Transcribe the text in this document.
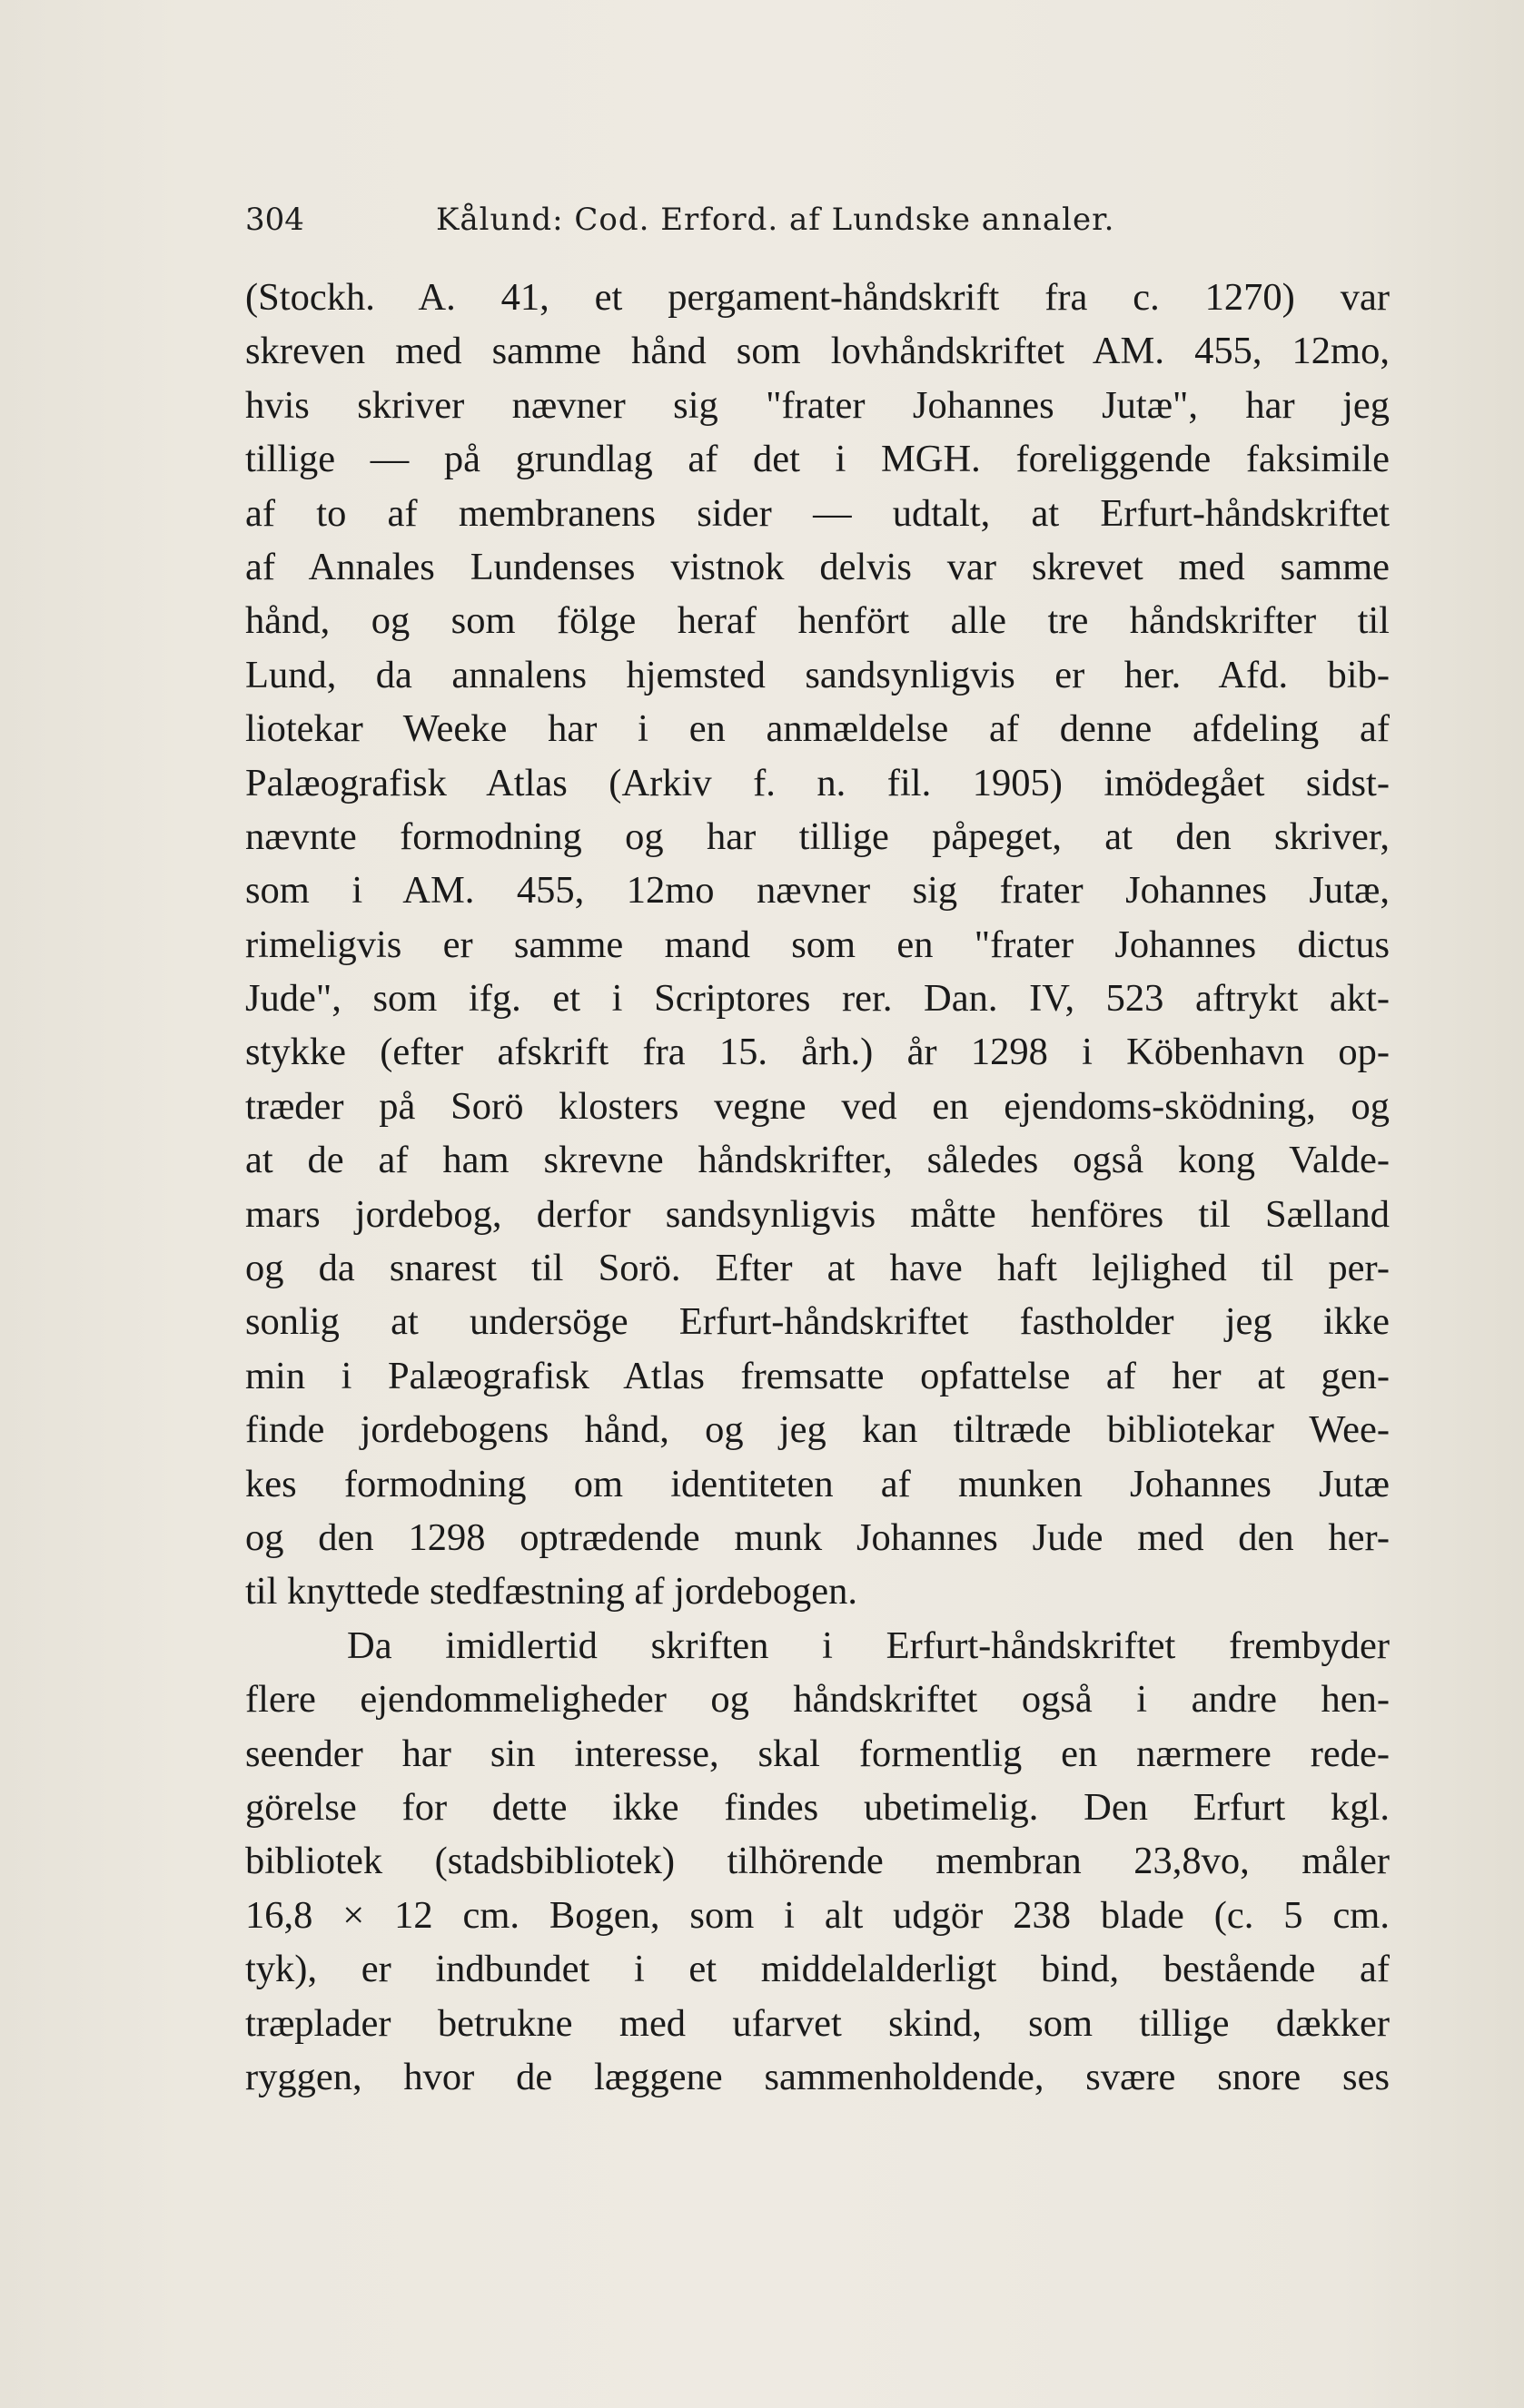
304	Kålund: Cod. Erford. af Lundske annaler.
(Stockh. A. 41, et pergament-håndskrift fra c. 1270) var
skreven med samme hånd som lovhåndskriftet AM. 455, 12mo,
hvis skriver nævner sig "frater Johannes Jutæ", har jeg
tillige — på grundlag af det i MGH. foreliggende faksimile
af to af membranens sider — udtalt, at Erfurt-håndskriftet
af Annales Lundenses vistnok delvis var skrevet med samme
hånd, og som fölge heraf henfört alle tre håndskrifter til
Lund, da annalens hjemsted sandsynligvis er her. Afd. bib-
liotekar Weeke har i en anmældelse af denne afdeling af
Palæografisk Atlas (Arkiv f. n. fil. 1905) imödegået sidst-
nævnte formodning og har tillige påpeget, at den skriver,
som i AM. 455, 12mo nævner sig frater Johannes Jutæ,
rimeligvis er samme mand som en "frater Johannes dictus
Jude", som ifg. et i Scriptores rer. Dan. IV, 523 aftrykt akt-
stykke (efter afskrift fra 15. årh.) år 1298 i Köbenhavn op-
træder på Sorö klosters vegne ved en ejendoms-sködning, og
at de af ham skrevne håndskrifter, således også kong Valde-
mars jordebog, derfor sandsynligvis måtte henföres til Sælland
og da snarest til Sorö. Efter at have haft lejlighed til per-
sonlig at undersöge Erfurt-håndskriftet fastholder jeg ikke
min i Palæografisk Atlas fremsatte opfattelse af her at gen-
finde jordebogens hånd, og jeg kan tiltræde bibliotekar Wee-
kes formodning om identiteten af munken Johannes Jutæ
og den 1298 optrædende munk Johannes Jude med den her-
til knyttede stedfæstning af jordebogen.
Da imidlertid skriften i Erfurt-håndskriftet frembyder
flere ejendommeligheder og håndskriftet også i andre hen-
seender har sin interesse, skal formentlig en nærmere rede-
görelse for dette ikke findes ubetimelig. Den Erfurt kgl.
bibliotek (stadsbibliotek) tilhörende membran 23,8vo, måler
16,8 × 12 cm. Bogen, som i alt udgör 238 blade (c. 5 cm.
tyk), er indbundet i et middelalderligt bind, bestående af
træplader betrukne med ufarvet skind, som tillige dækker
ryggen, hvor de læggene sammenholdende, svære snore ses
